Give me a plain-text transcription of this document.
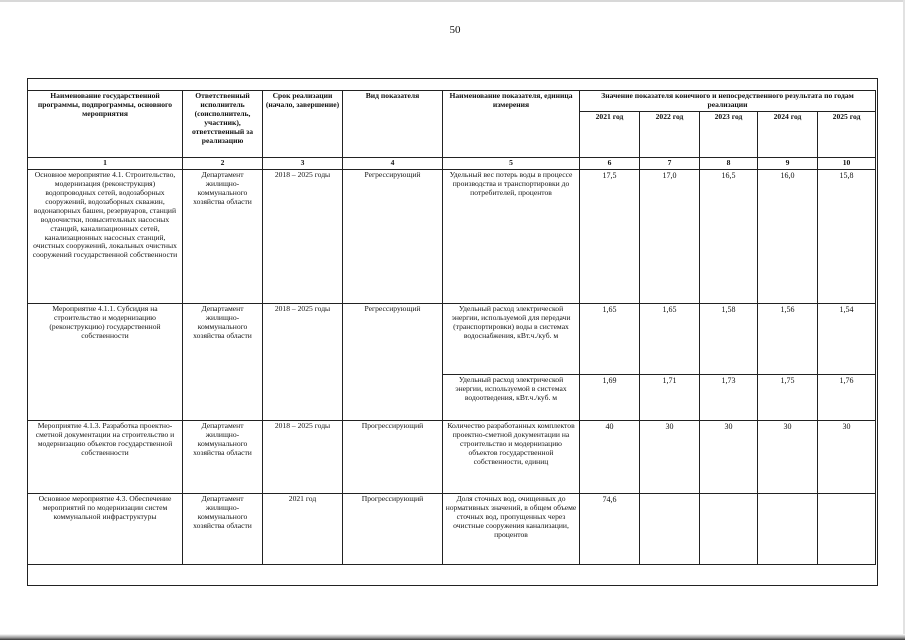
50
Наименование государственной программы, подпрограммы, основного мероприятия	Ответственный исполнитель (соисполнитель, участник), ответственный за реализацию	Срок реализации (начало, завершение)	Вид показателя	Наименование показателя, единица измерения	Значение показателя конечного и непосредственного результата по годам реализации				
					2021 год	2022 год	2023 год	2024 год	2025 год
1	2	3	4	5	6	7	8	9	10
Основное мероприятие 4.1. Строительство, модернизация (реконструкция) водопроводных сетей, водозаборных сооружений, водозаборных скважин, водонапорных башен, резервуаров, станций водоочистки, повысительных насосных станций, канализационных сетей, канализационных насосных станций, очистных сооружений, локальных очистных сооружений государственной собственности	Департамент жилищно-коммунального хозяйства области	2018 – 2025 годы	Регрессирующий	Удельный вес потерь воды в процессе производства и транспортировки до потребителей, процентов	17,5	17,0	16,5	16,0	15,8
Мероприятие 4.1.1. Субсидия на строительство и модернизацию (реконструкцию) государственной собственности	Департамент жилищно-коммунального хозяйства области	2018 – 2025 годы	Регрессирующий	Удельный расход электрической энергии, используемой для передачи (транспортировки) воды в системах водоснабжения, кВт.ч./куб. м	1,65	1,65	1,58	1,56	1,54
				Удельный расход электрической энергии, используемой в системах водоотведения, кВт.ч./куб. м	1,69	1,71	1,73	1,75	1,76
Мероприятие 4.1.3. Разработка проектно-сметной документации на строительство и модернизацию объектов государственной собственности	Департамент жилищно-коммунального хозяйства области	2018 – 2025 годы	Прогрессирующий	Количество разработанных комплектов проектно-сметной документации на строительство и модернизацию объектов государственной собственности, единиц	40	30	30	30	30
Основное мероприятие 4.3. Обеспечение мероприятий по модернизации систем коммунальной инфраструктуры	Департамент жилищно-коммунального хозяйства области	2021 год	Прогрессирующий	Доля сточных вод, очищенных до нормативных значений, в общем объеме сточных вод, пропущенных через очистные сооружения канализации, процентов	74,6				
